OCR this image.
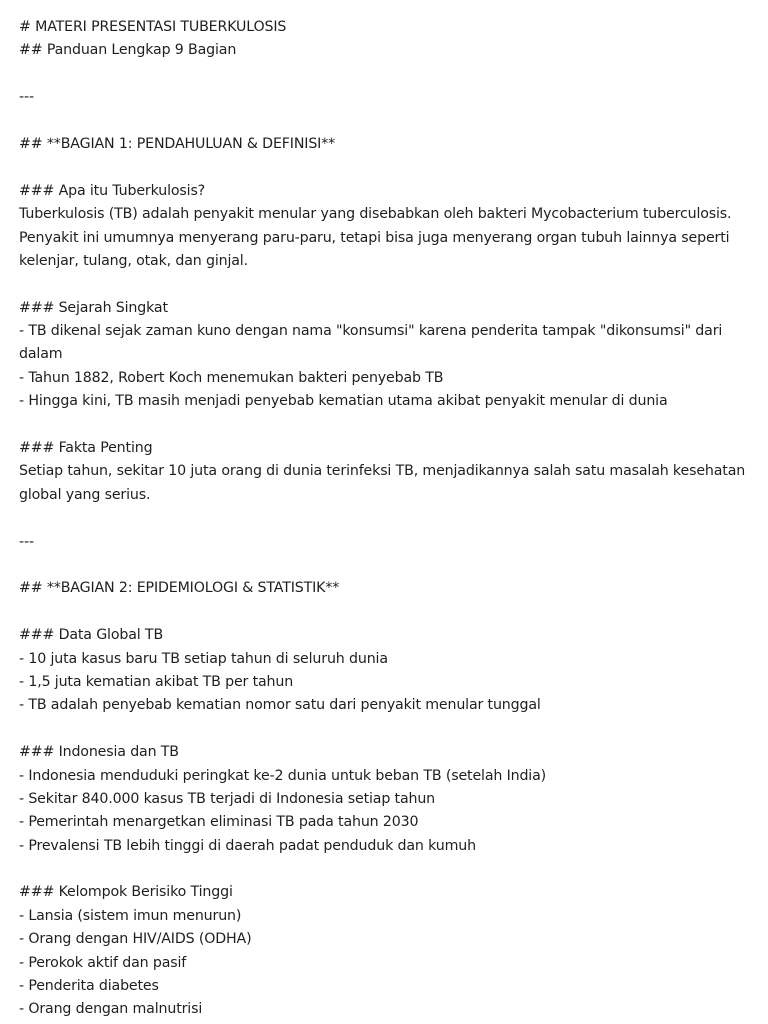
# MATERI PRESENTASI TUBERKULOSIS
## Panduan Lengkap 9 Bagian
---
## **BAGIAN 1: PENDAHULUAN & DEFINISI**
### Apa itu Tuberkulosis?
Tuberkulosis (TB) adalah penyakit menular yang disebabkan oleh bakteri Mycobacterium tuberculosis.
Penyakit ini umumnya menyerang paru-paru, tetapi bisa juga menyerang organ tubuh lainnya seperti
kelenjar, tulang, otak, dan ginjal.
### Sejarah Singkat
- TB dikenal sejak zaman kuno dengan nama "konsumsi" karena penderita tampak "dikonsumsi" dari
dalam
- Tahun 1882, Robert Koch menemukan bakteri penyebab TB
- Hingga kini, TB masih menjadi penyebab kematian utama akibat penyakit menular di dunia
### Fakta Penting
Setiap tahun, sekitar 10 juta orang di dunia terinfeksi TB, menjadikannya salah satu masalah kesehatan
global yang serius.
---
## **BAGIAN 2: EPIDEMIOLOGI & STATISTIK**
### Data Global TB
- 10 juta kasus baru TB setiap tahun di seluruh dunia
- 1,5 juta kematian akibat TB per tahun
- TB adalah penyebab kematian nomor satu dari penyakit menular tunggal
### Indonesia dan TB
- Indonesia menduduki peringkat ke-2 dunia untuk beban TB (setelah India)
- Sekitar 840.000 kasus TB terjadi di Indonesia setiap tahun
- Pemerintah menargetkan eliminasi TB pada tahun 2030
- Prevalensi TB lebih tinggi di daerah padat penduduk dan kumuh
### Kelompok Berisiko Tinggi
- Lansia (sistem imun menurun)
- Orang dengan HIV/AIDS (ODHA)
- Perokok aktif dan pasif
- Penderita diabetes
- Orang dengan malnutrisi
